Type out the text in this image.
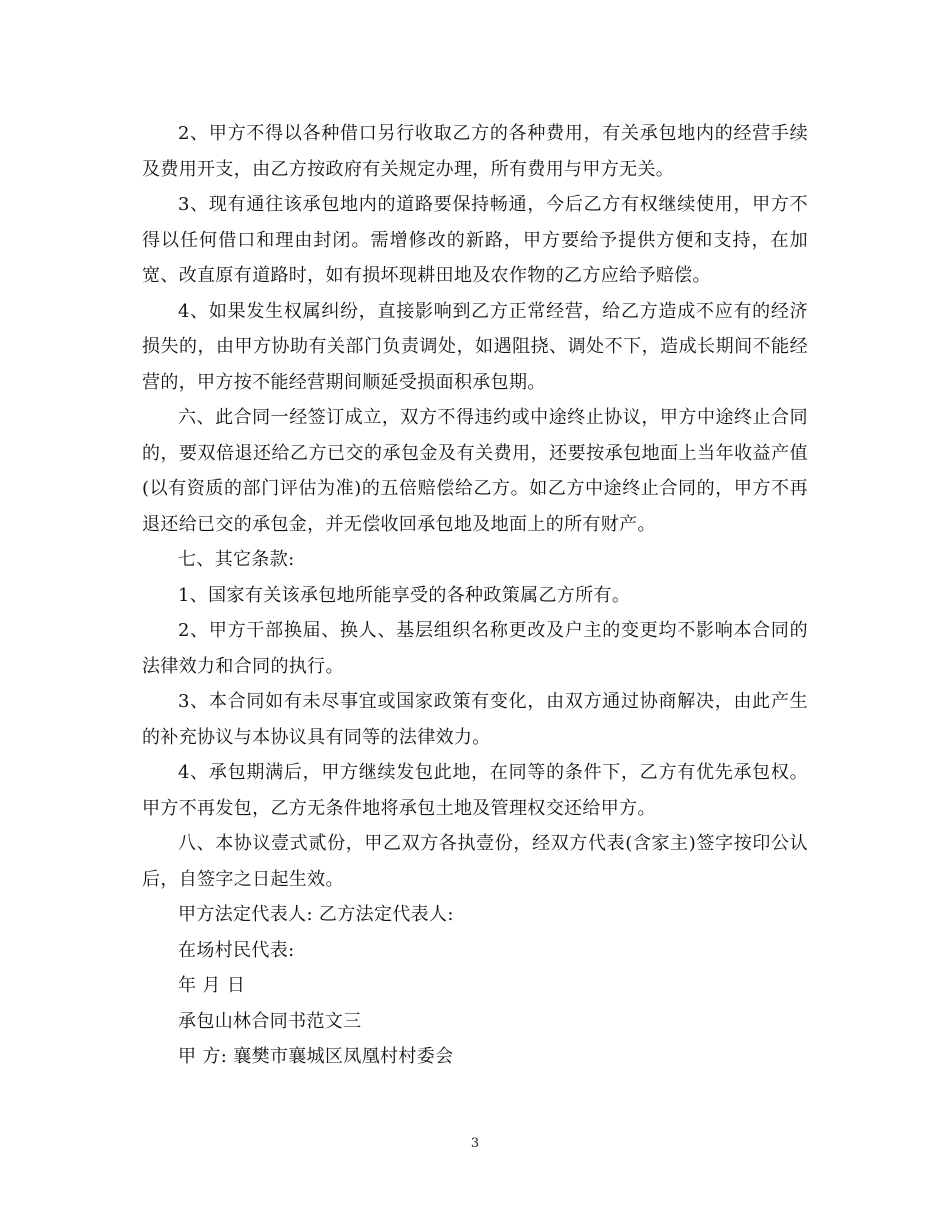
2、甲方不得以各种借口另行收取乙方的各种费用，有关承包地内的经营手续及费用开支，由乙方按政府有关规定办理，所有费用与甲方无关。

3、现有通往该承包地内的道路要保持畅通，今后乙方有权继续使用，甲方不得以任何借口和理由封闭。需增修改的新路，甲方要给予提供方便和支持，在加宽、改直原有道路时，如有损坏现耕田地及农作物的乙方应给予赔偿。

4、如果发生权属纠纷，直接影响到乙方正常经营，给乙方造成不应有的经济损失的，由甲方协助有关部门负责调处，如遇阻挠、调处不下，造成长期间不能经营的，甲方按不能经营期间顺延受损面积承包期。

六、此合同一经签订成立，双方不得违约或中途终止协议，甲方中途终止合同的，要双倍退还给乙方已交的承包金及有关费用，还要按承包地面上当年收益产值(以有资质的部门评估为准)的五倍赔偿给乙方。如乙方中途终止合同的，甲方不再退还给已交的承包金，并无偿收回承包地及地面上的所有财产。

七、其它条款:

1、国家有关该承包地所能享受的各种政策属乙方所有。

2、甲方干部换届、换人、基层组织名称更改及户主的变更均不影响本合同的法律效力和合同的执行。

3、本合同如有未尽事宜或国家政策有变化，由双方通过协商解决，由此产生的补充协议与本协议具有同等的法律效力。

4、承包期满后，甲方继续发包此地，在同等的条件下，乙方有优先承包权。甲方不再发包，乙方无条件地将承包土地及管理权交还给甲方。

八、本协议壹式贰份，甲乙双方各执壹份，经双方代表(含家主)签字按印公认后，自签字之日起生效。

甲方法定代表人: 乙方法定代表人:

在场村民代表:

年 月 日

承包山林合同书范文三

甲 方: 襄樊市襄城区凤凰村村委会

3
